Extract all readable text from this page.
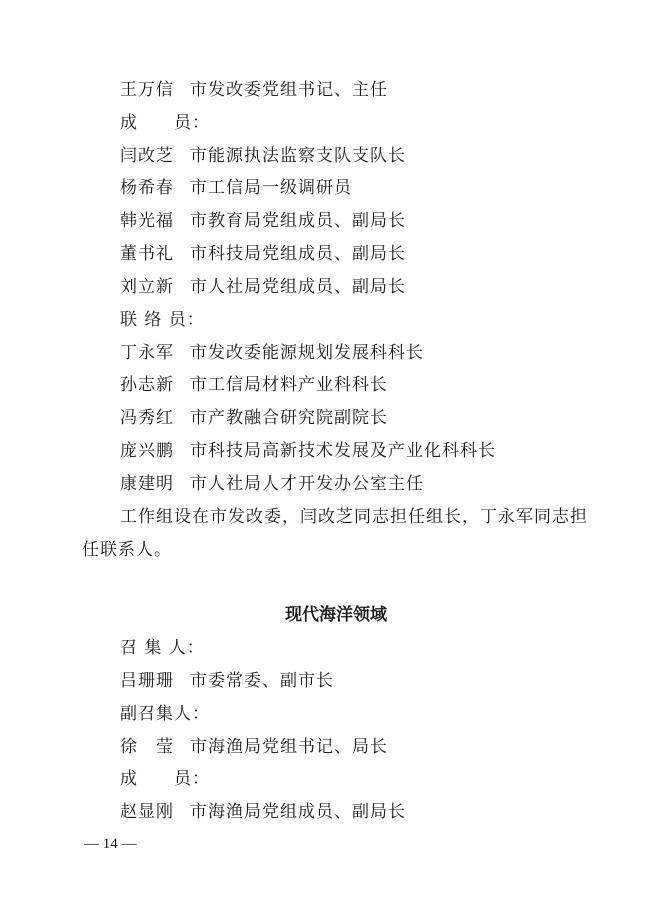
王万信 市发改委党组书记、主任
成　　员：
闫改芝 市能源执法监察支队支队长
杨希春 市工信局一级调研员
韩光福 市教育局党组成员、副局长
董书礼 市科技局党组成员、副局长
刘立新 市人社局党组成员、副局长
联 络 员：
丁永军 市发改委能源规划发展科科长
孙志新 市工信局材料产业科科长
冯秀红 市产教融合研究院副院长
庞兴鹏 市科技局高新技术发展及产业化科科长
康建明 市人社局人才开发办公室主任
工作组设在市发改委，闫改芝同志担任组长，丁永军同志担任联系人。
现代海洋领域
召 集 人：
吕珊珊 市委常委、副市长
副召集人：
徐　莹 市海渔局党组书记、局长
成　　员：
赵显刚 市海渔局党组成员、副局长
— 14 —
